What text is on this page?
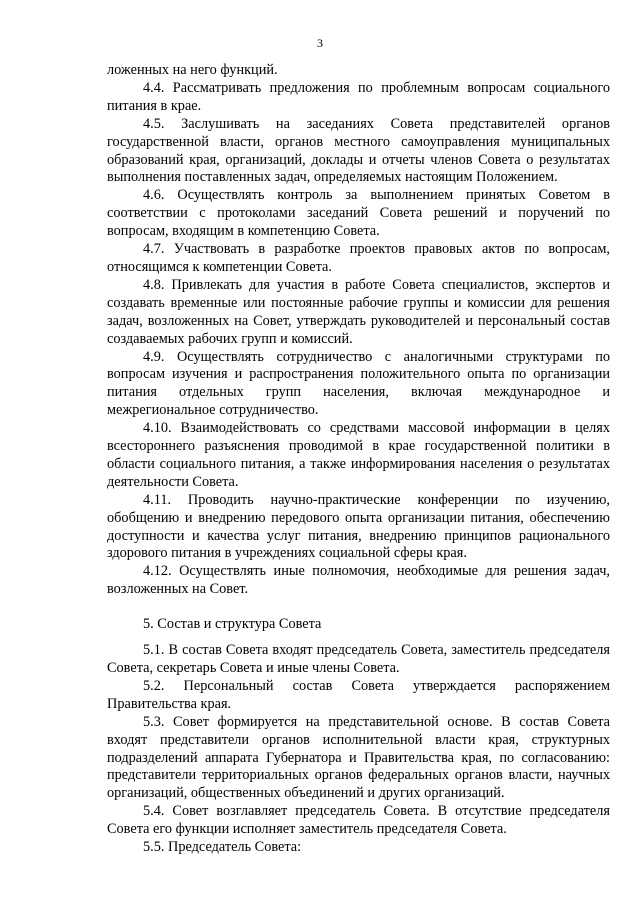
3

ложенных на него функций.

4.4. Рассматривать предложения по проблемным вопросам социального питания в крае.

4.5. Заслушивать на заседаниях Совета представителей органов государственной власти, органов местного самоуправления муниципальных образований края, организаций, доклады и отчеты членов Совета о результатах выполнения поставленных задач, определяемых настоящим Положением.

4.6. Осуществлять контроль за выполнением принятых Советом в соответствии с протоколами заседаний Совета решений и поручений по вопросам, входящим в компетенцию Совета.

4.7. Участвовать в разработке проектов правовых актов по вопросам, относящимся к компетенции Совета.

4.8. Привлекать для участия в работе Совета специалистов, экспертов и создавать временные или постоянные рабочие группы и комиссии для решения задач, возложенных на Совет, утверждать руководителей и персональный состав создаваемых рабочих групп и комиссий.

4.9. Осуществлять сотрудничество с аналогичными структурами по вопросам изучения и распространения положительного опыта по организации питания отдельных групп населения, включая международное и межрегиональное сотрудничество.

4.10. Взаимодействовать со средствами массовой информации в целях всестороннего разъяснения проводимой в крае государственной политики в области социального питания, а также информирования населения о результатах деятельности Совета.

4.11. Проводить научно-практические конференции по изучению, обобщению и внедрению передового опыта организации питания, обеспечению доступности и качества услуг питания, внедрению принципов рационального здорового питания в учреждениях социальной сферы края.

4.12. Осуществлять иные полномочия, необходимые для решения задач, возложенных на Совет.

5. Состав и структура Совета

5.1. В состав Совета входят председатель Совета, заместитель председателя Совета, секретарь Совета и иные члены Совета.

5.2. Персональный состав Совета утверждается распоряжением Правительства края.

5.3. Совет формируется на представительной основе. В состав Совета входят представители органов исполнительной власти края, структурных подразделений аппарата Губернатора и Правительства края, по согласованию: представители территориальных органов федеральных органов власти, научных организаций, общественных объединений и других организаций.

5.4. Совет возглавляет председатель Совета. В отсутствие председателя Совета его функции исполняет заместитель председателя Совета.

5.5. Председатель Совета:
